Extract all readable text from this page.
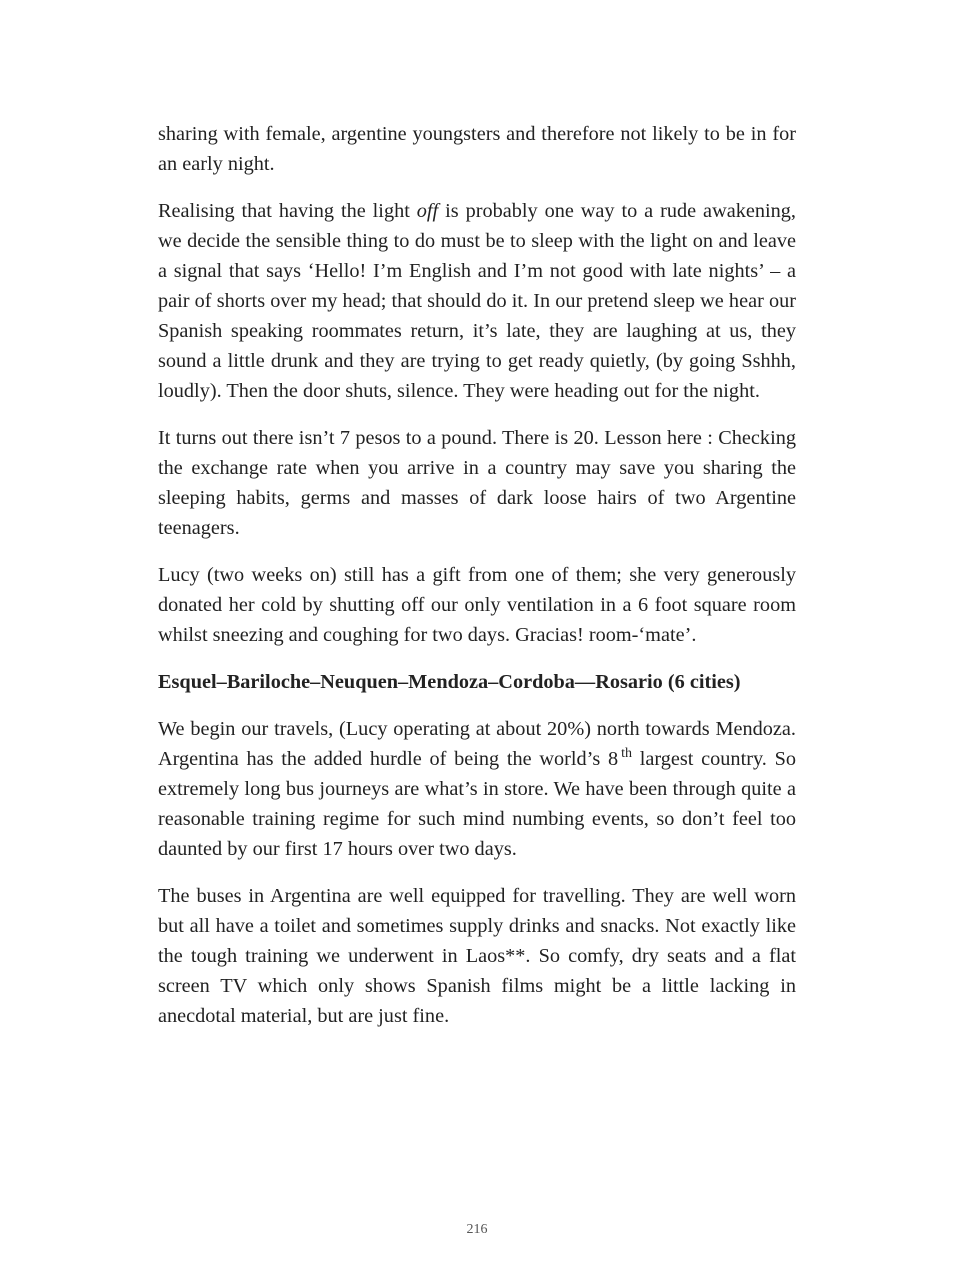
sharing with female, argentine youngsters and therefore not likely to be in for an early night.

Realising that having the light off is probably one way to a rude awakening, we decide the sensible thing to do must be to sleep with the light on and leave a signal that says ‘Hello! I’m English and I’m not good with late nights’ – a pair of shorts over my head; that should do it. In our pretend sleep we hear our Spanish speaking roommates return, it’s late, they are laughing at us, they sound a little drunk and they are trying to get ready quietly, (by going Sshhh, loudly). Then the door shuts, silence. They were heading out for the night.

It turns out there isn’t 7 pesos to a pound. There is 20. Lesson here : Checking the exchange rate when you arrive in a country may save you sharing the sleeping habits, germs and masses of dark loose hairs of two Argentine teenagers.

Lucy (two weeks on) still has a gift from one of them; she very generously donated her cold by shutting off our only ventilation in a 6 foot square room whilst sneezing and coughing for two days. Gracias! room-‘mate’.

Esquel–Bariloche–Neuquen–Mendoza–Cordoba—Rosario (6 cities)

We begin our travels, (Lucy operating at about 20%) north towards Mendoza. Argentina has the added hurdle of being the world’s 8 $^{th}$ largest country. So extremely long bus journeys are what’s in store. We have been through quite a reasonable training regime for such mind numbing events, so don’t feel too daunted by our first 17 hours over two days.

The buses in Argentina are well equipped for travelling. They are well worn but all have a toilet and sometimes supply drinks and snacks. Not exactly like the tough training we underwent in Laos**. So comfy, dry seats and a flat screen TV which only shows Spanish films might be a little lacking in anecdotal material, but are just fine.

216
